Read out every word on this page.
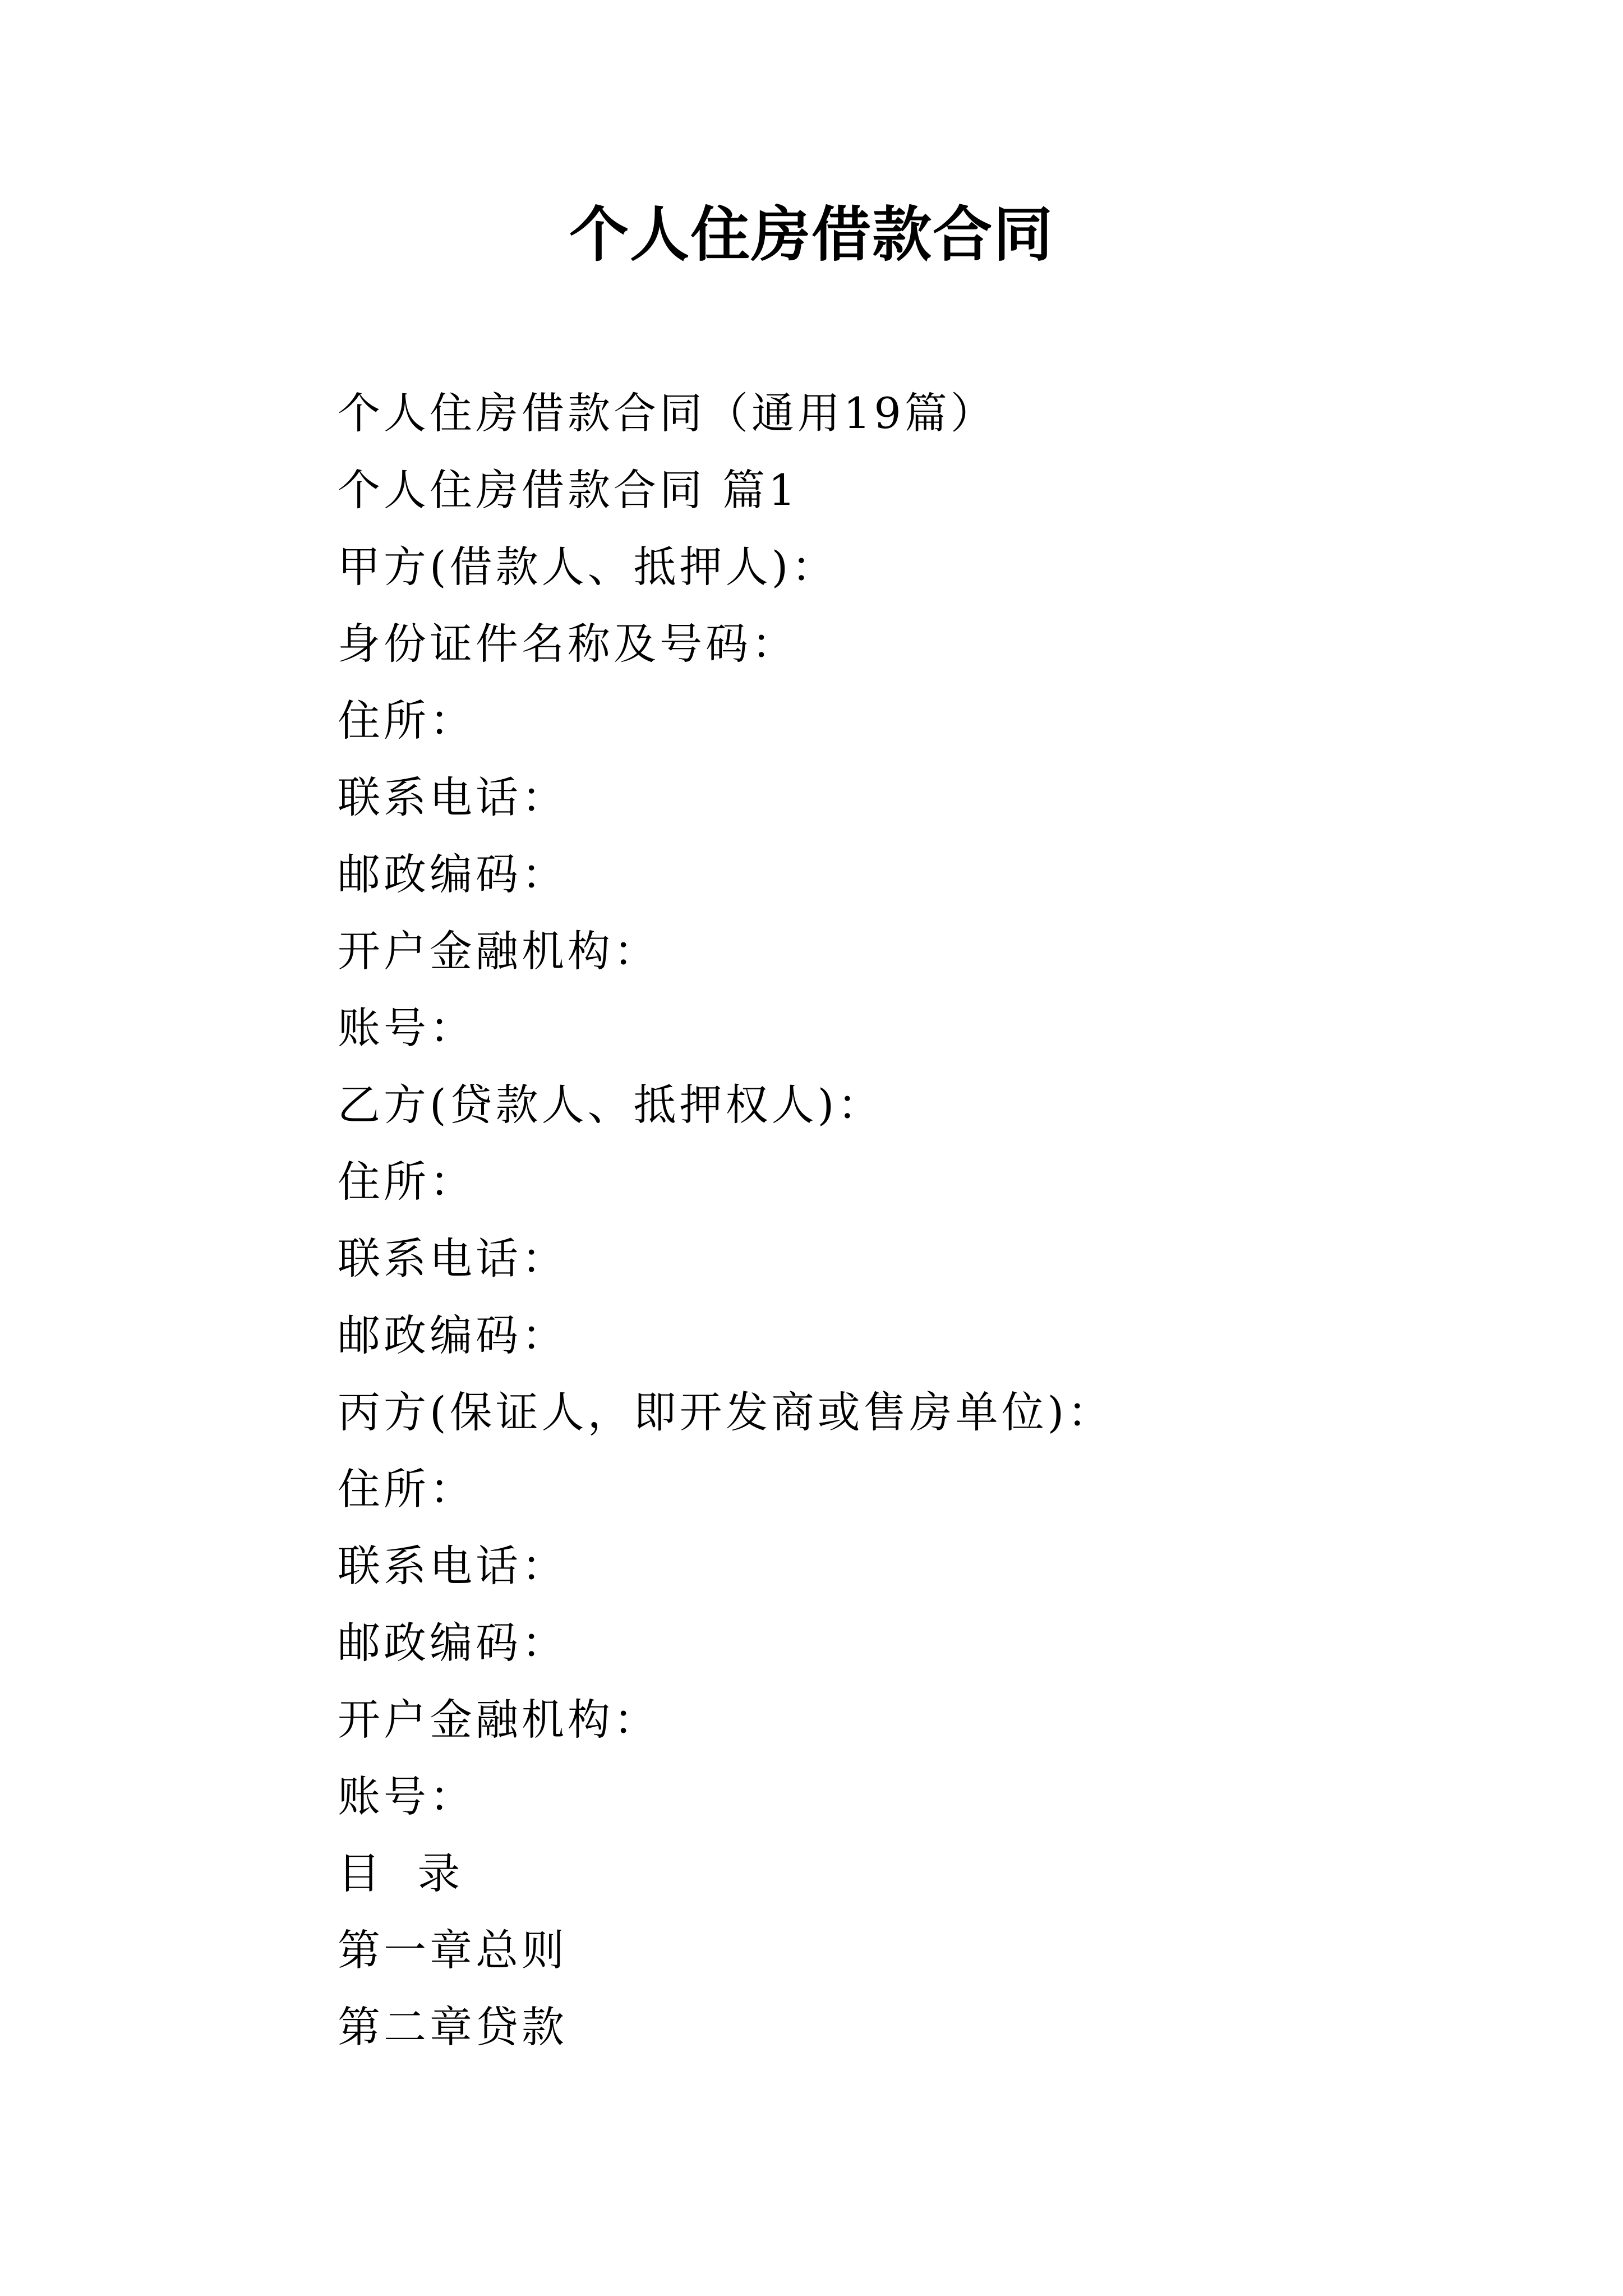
个人住房借款合同
个人住房借款合同（通用19篇）
个人住房借款合同 篇1
甲方(借款人、抵押人)：
身份证件名称及号码：
住所：
联系电话：
邮政编码：
开户金融机构：
账号：
乙方(贷款人、抵押权人)：
住所：
联系电话：
邮政编码：
丙方(保证人，即开发商或售房单位)：
住所：
联系电话：
邮政编码：
开户金融机构：
账号：
目  录
第一章总则
第二章贷款
